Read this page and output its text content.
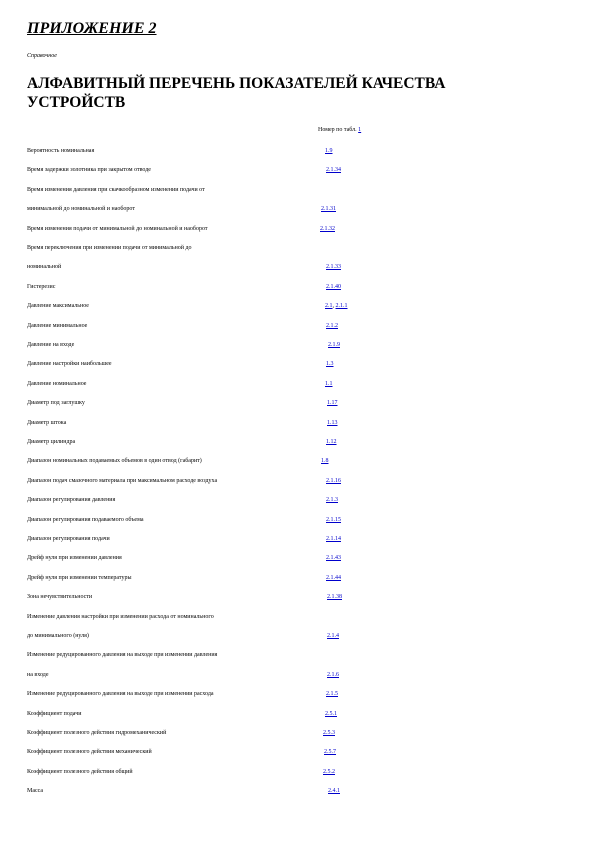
ПРИЛОЖЕНИЕ 2

Справочное

АЛФАВИТНЫЙ ПЕРЕЧЕНЬ ПОКАЗАТЕЛЕЙ КАЧЕСТВА УСТРОЙСТВ

Номер по табл. 1

Вероятность номинальная	1.9

Время задержки золотника при закрытом отводе	2.1.34

Время изменения давления при скачкообразном изменении подачи от

минимальной до номинальной и наоборот	2.1.31

Время изменения подачи от минимальной до номинальной и наоборот	2.1.32

Время переключения при изменении подачи от минимальной до

номинальной	2.1.33

Гистерезис	2.1.40

Давление максимальное	2.1, 2.1.1

Давление минимальное	2.1.2

Давление на входе	2.1.9

Давление настройки наибольшее	1.3

Давление номинальное	1.1

Диаметр под заглушку	1.17

Диаметр штока	1.13

Диаметр цилиндра	1.12

Диапазон номинальных подаваемых объемов в один отвод (габарит)	1.8

Диапазон подач смазочного материала при максимальном расходе воздуха	2.1.16

Диапазон регулирования давления	2.1.3

Диапазон регулирования подаваемого объема	2.1.15

Диапазон регулирования подачи	2.1.14

Дрейф нуля при изменении давления	2.1.43

Дрейф нуля при изменении температуры	2.1.44

Зона нечувствительности	2.1.38

Изменение давления настройки при изменении расхода от номинального

до минимального (нуля)	2.1.4

Изменение редуцированного давления на выходе при изменении давления

на входе	2.1.6

Изменение редуцированного давления на выходе при изменении расхода	2.1.5

Коэффициент подачи	2.5.1

Коэффициент полезного действия гидромеханический	2.5.3

Коэффициент полезного действия механический	2.5.7

Коэффициент полезного действия общий	2.5.2

Масса	2.4.1
